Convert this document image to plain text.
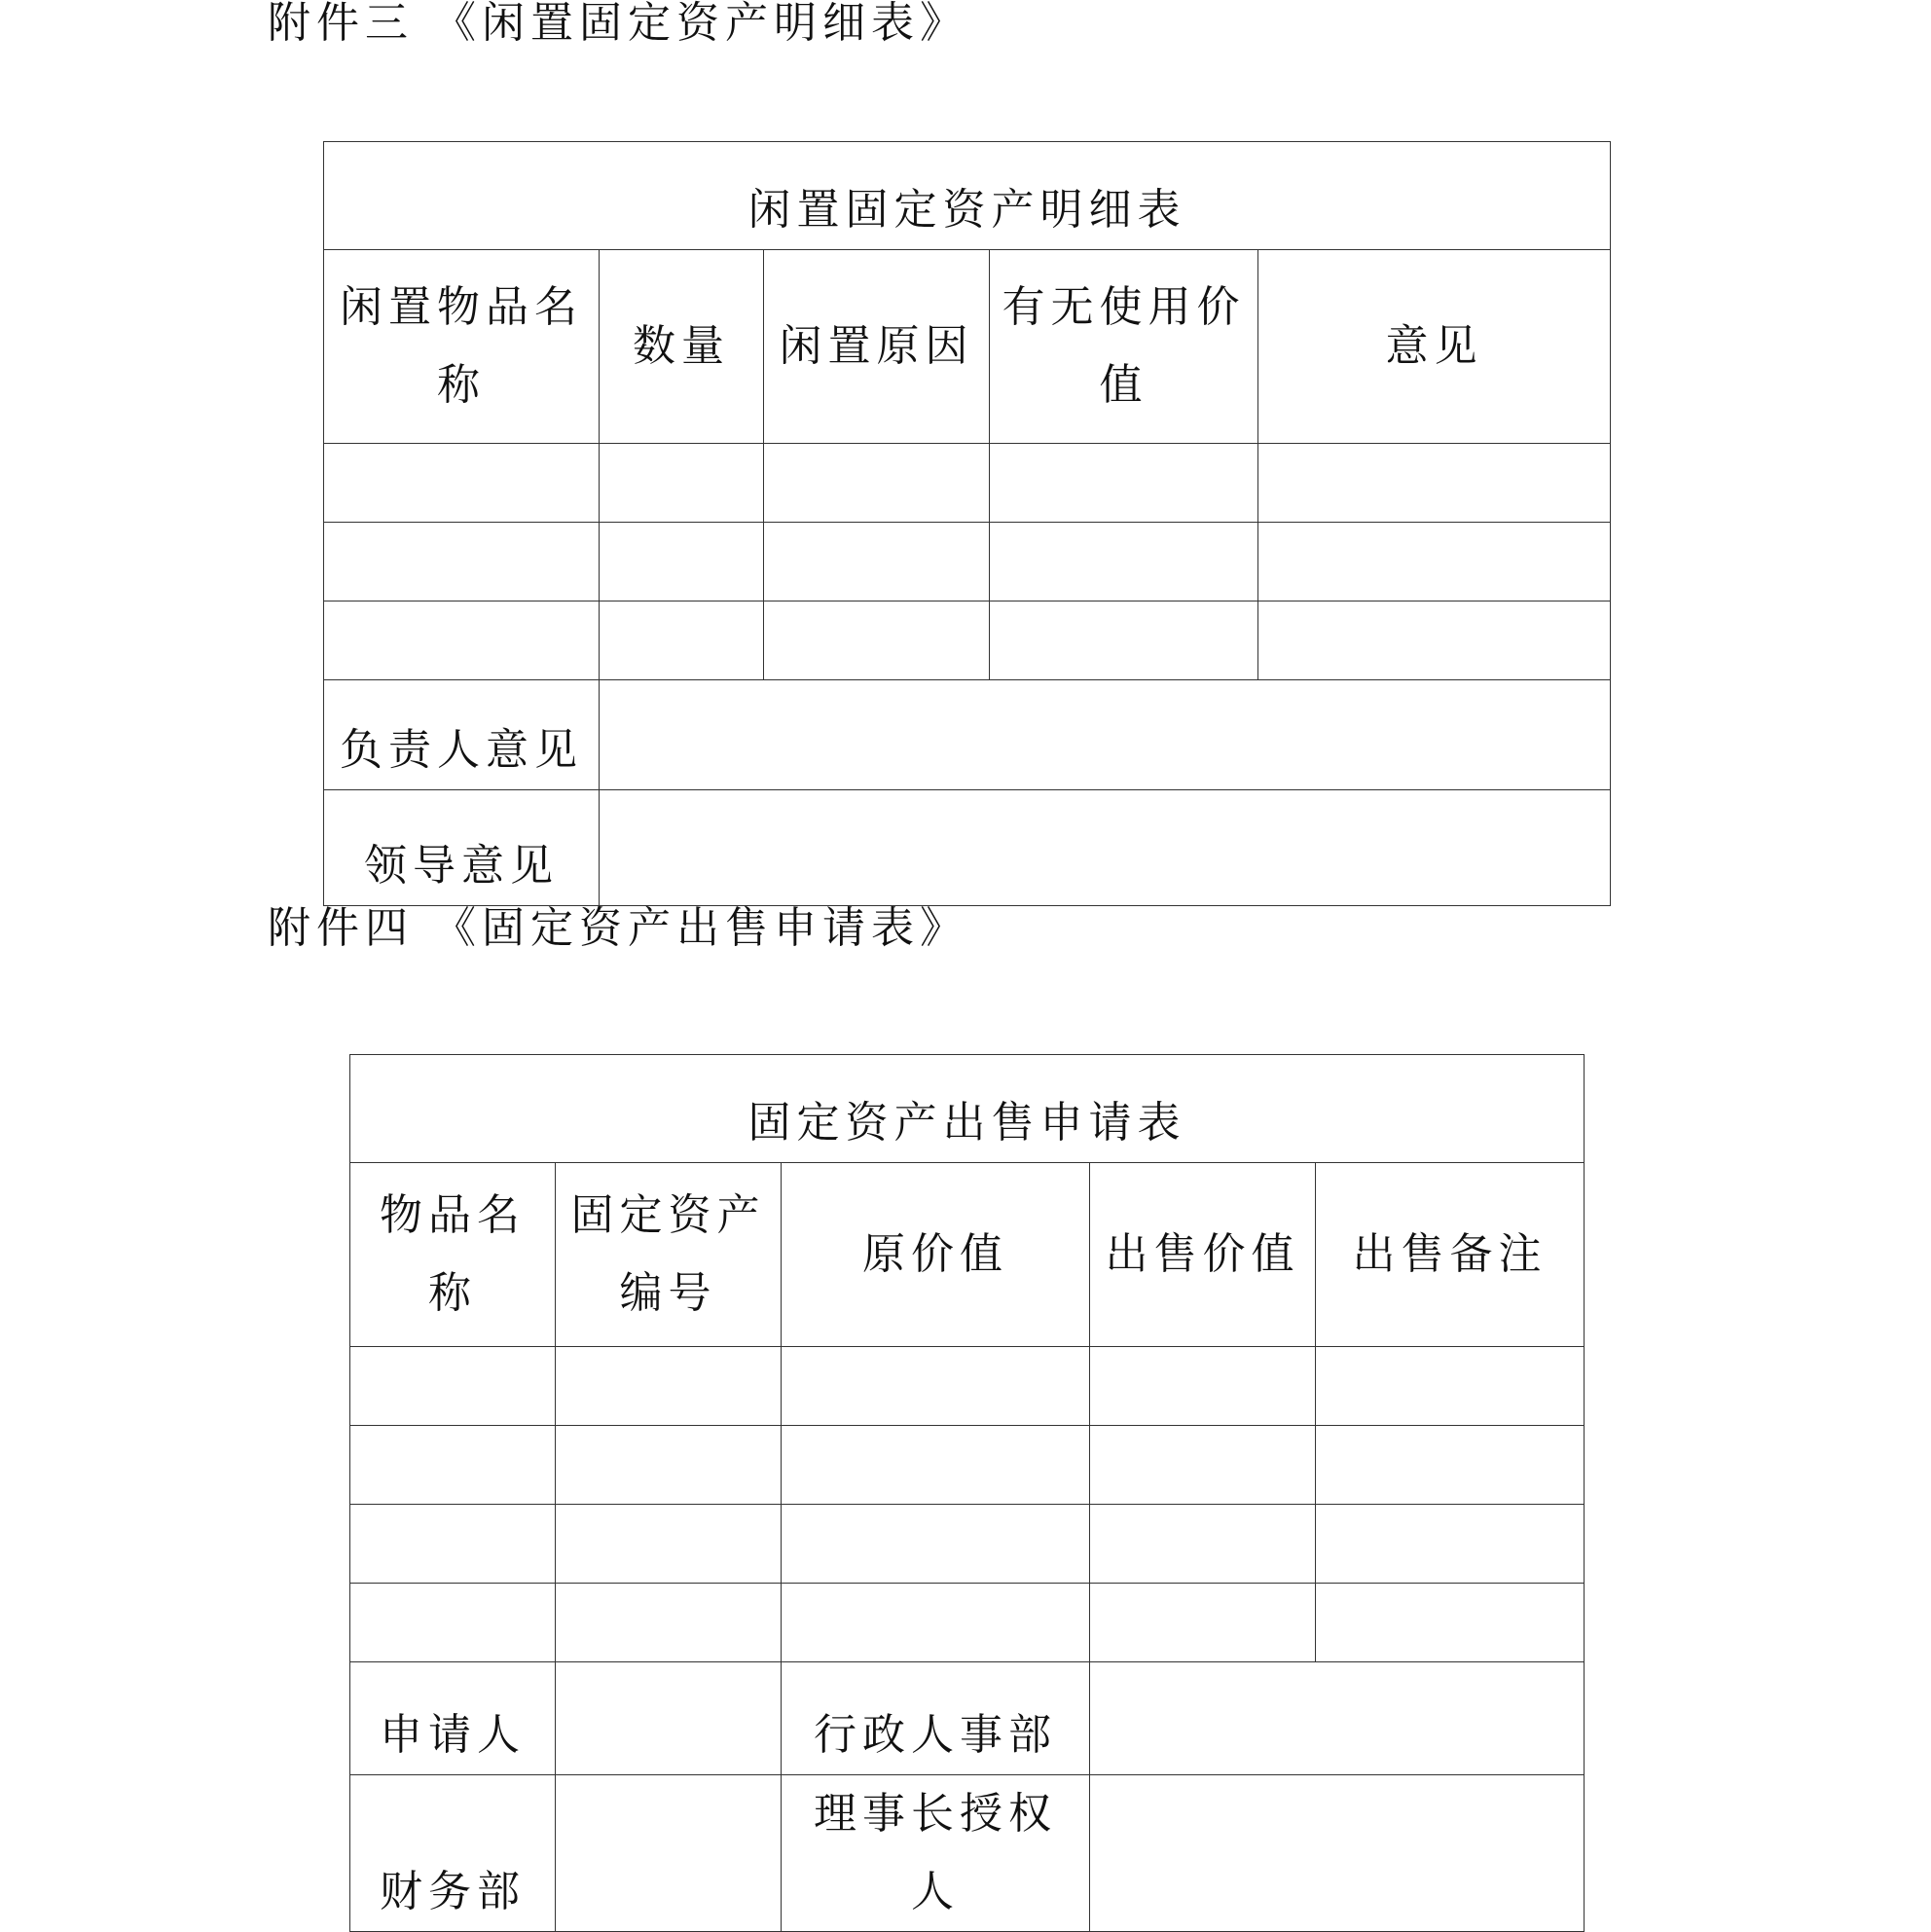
附件三 《闲置固定资产明细表》
闲置固定资产明细表				
闲置物品名称	数量	闲置原因	有无使用价值	意见

负责人意见				
领导意见				
附件四 《固定资产出售申请表》
固定资产出售申请表				
物品名称	固定资产编号	原价值	出售价值	出售备注

申请人		行政人事部		
财务部		理事长授权人		
